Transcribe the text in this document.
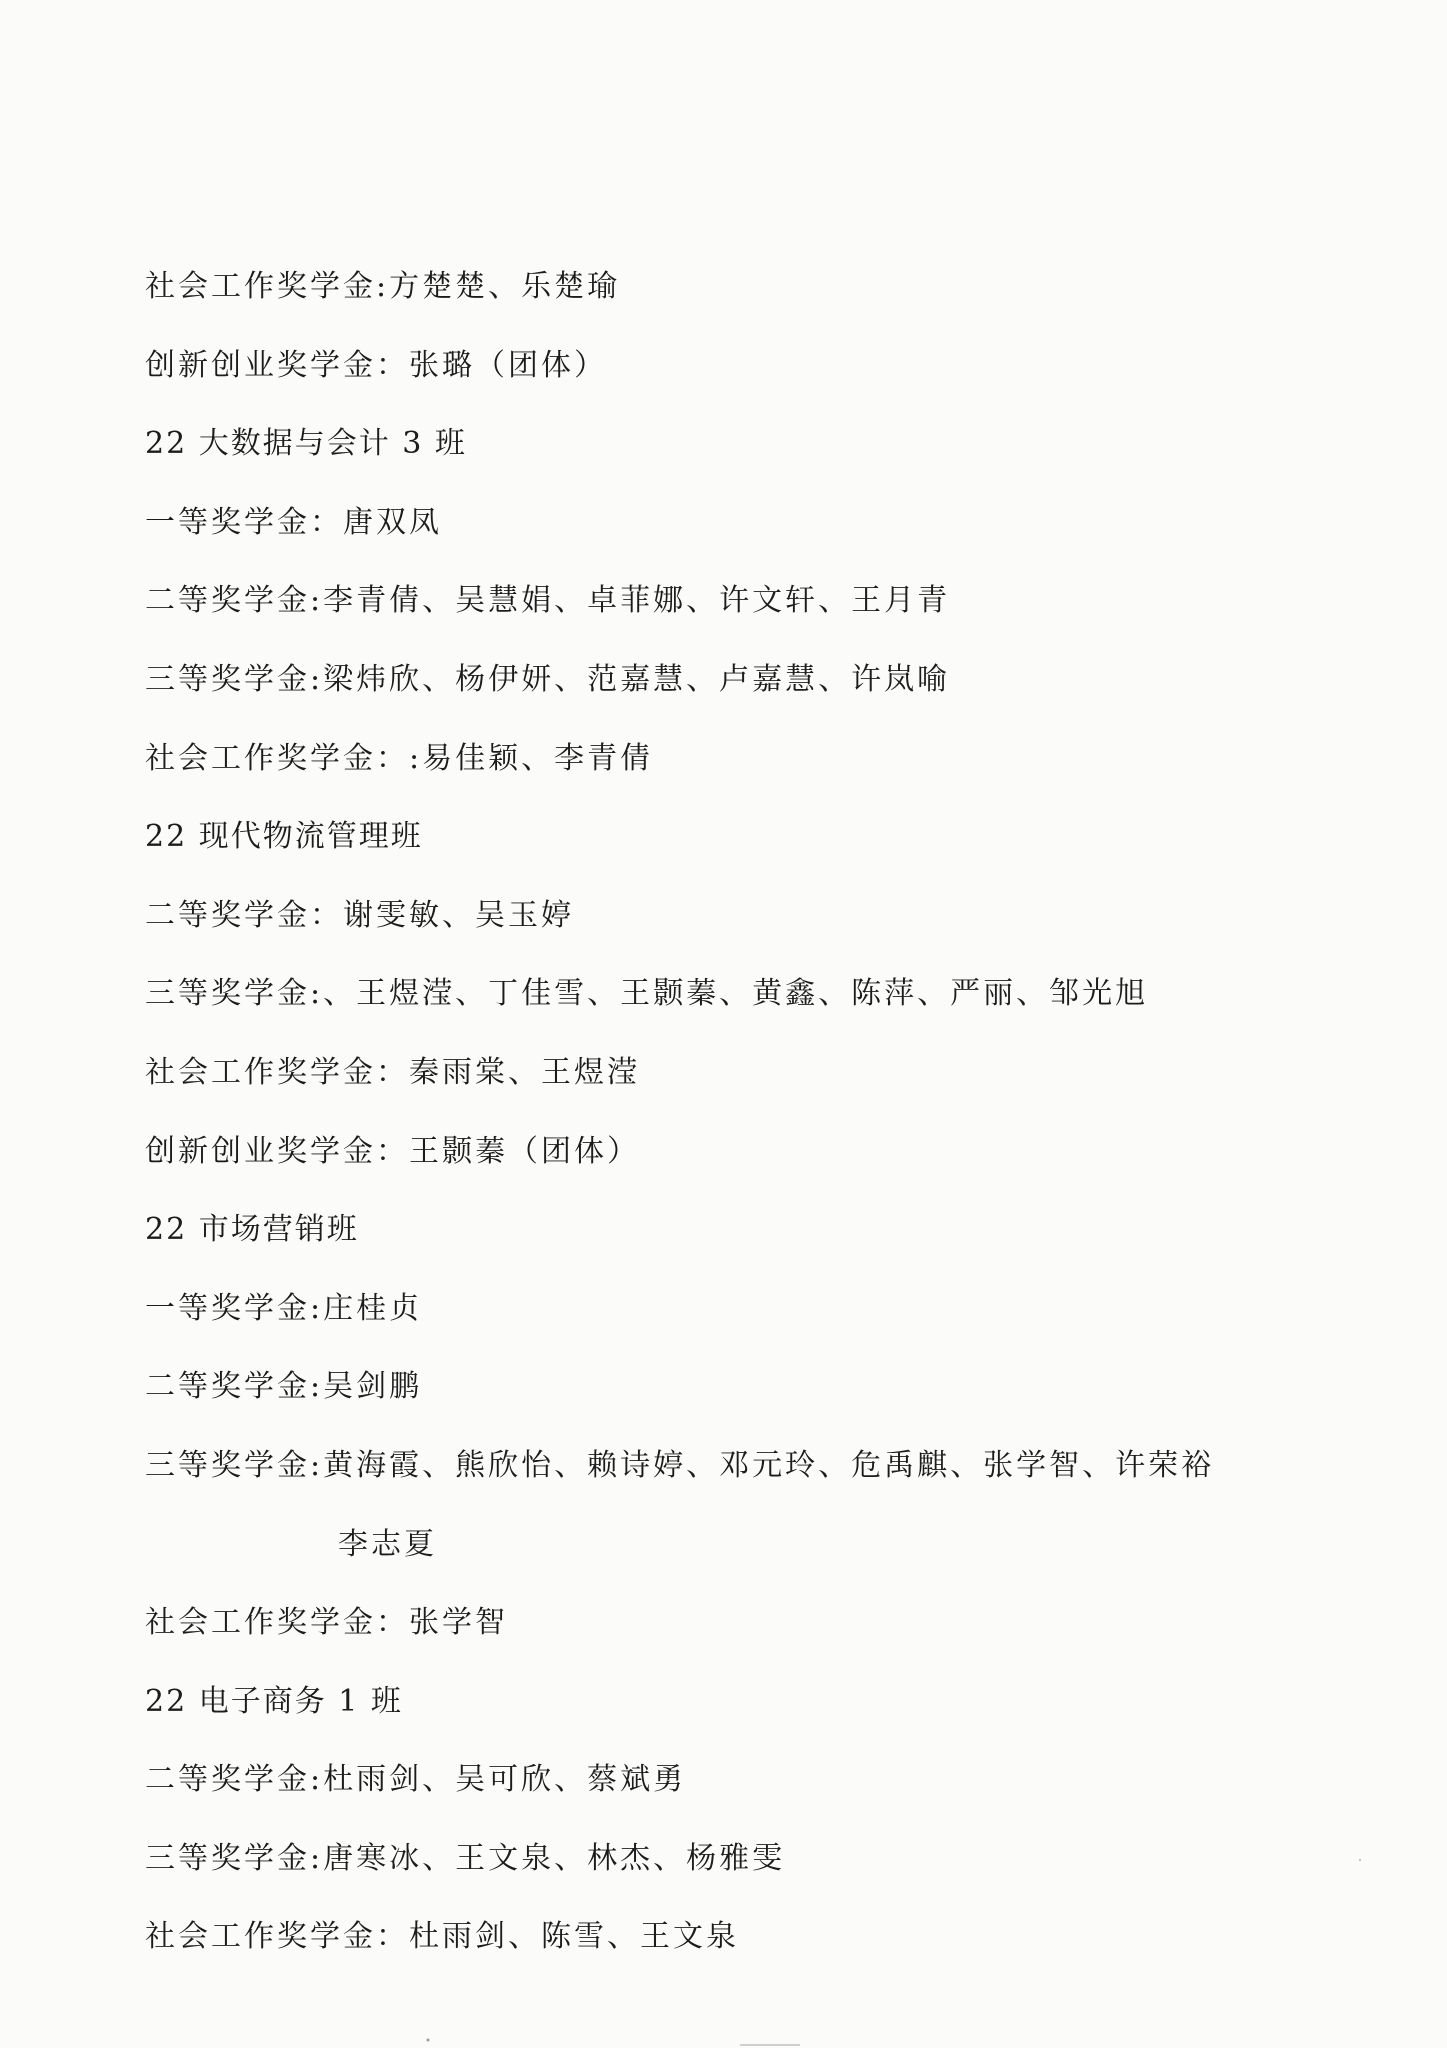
社会工作奖学金:方楚楚、乐楚瑜
创新创业奖学金：张璐（团体）
22 大数据与会计 3 班
一等奖学金：唐双凤
二等奖学金:李青倩、吴慧娟、卓菲娜、许文轩、王月青
三等奖学金:梁炜欣、杨伊妍、范嘉慧、卢嘉慧、许岚喻
社会工作奖学金：:易佳颖、李青倩
22 现代物流管理班
二等奖学金：谢雯敏、吴玉婷
三等奖学金:、王煜滢、丁佳雪、王颢蓁、黄鑫、陈萍、严丽、邹光旭
社会工作奖学金：秦雨棠、王煜滢
创新创业奖学金：王颢蓁（团体）
22 市场营销班
一等奖学金:庄桂贞
二等奖学金:吴剑鹏
三等奖学金:黄海霞、熊欣怡、赖诗婷、邓元玲、危禹麒、张学智、许荣裕
李志夏
社会工作奖学金：张学智
22 电子商务 1 班
二等奖学金:杜雨剑、吴可欣、蔡斌勇
三等奖学金:唐寒冰、王文泉、林杰、杨雅雯
社会工作奖学金：杜雨剑、陈雪、王文泉
